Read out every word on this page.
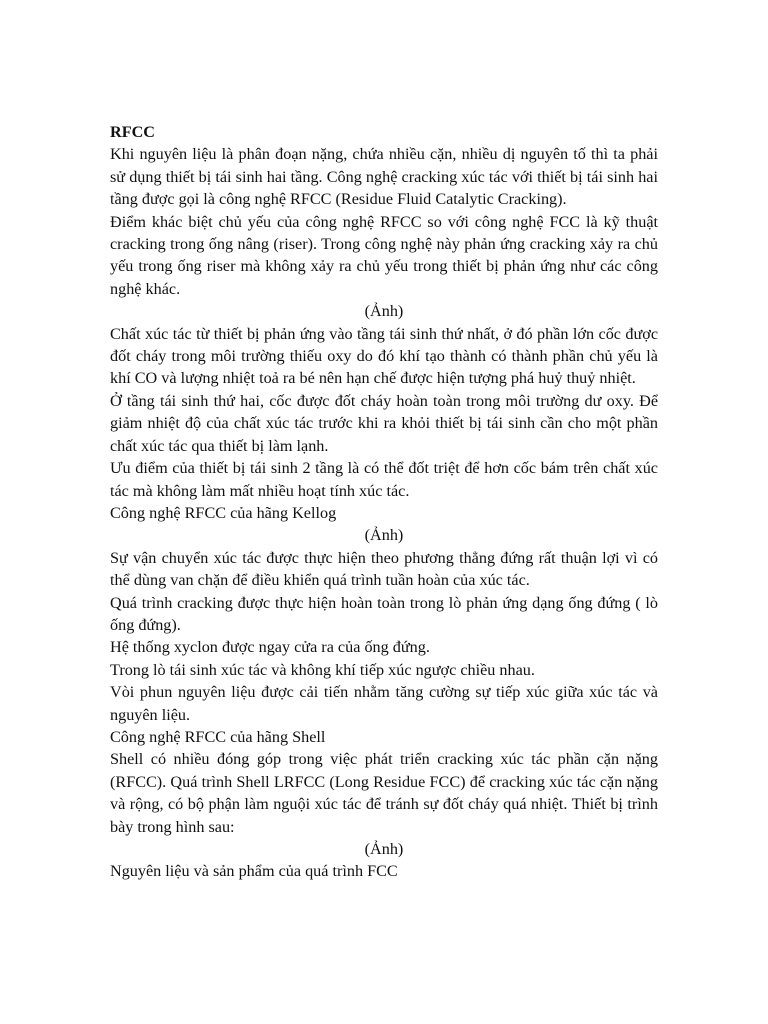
RFCC

Khi nguyên liệu là phân đoạn nặng, chứa nhiều cặn, nhiều dị nguyên tố thì ta phải sử dụng thiết bị tái sinh hai tầng. Công nghệ cracking xúc tác với thiết bị tái sinh hai tầng được gọi là công nghệ RFCC (Residue Fluid Catalytic Cracking).

Điểm khác biệt chủ yếu của công nghệ RFCC so với công nghệ FCC là kỹ thuật cracking trong ống nâng (riser). Trong công nghệ này phản ứng cracking xảy ra chủ yếu trong ống riser mà không xảy ra chủ yếu trong thiết bị phản ứng như các công nghệ khác.

(Ảnh)

Chất xúc tác từ thiết bị phản ứng vào tầng tái sinh thứ nhất, ở đó phần lớn cốc được đốt cháy trong môi trường thiếu oxy do đó khí tạo thành có thành phần chủ yếu là khí CO và lượng nhiệt toả ra bé nên hạn chế được hiện tượng phá huỷ thuỷ nhiệt.

Ở tầng tái sinh thứ hai, cốc được đốt cháy hoàn toàn trong môi trường dư oxy. Để giảm nhiệt độ của chất xúc tác trước khi ra khỏi thiết bị tái sinh cần cho một phần chất xúc tác qua thiết bị làm lạnh.

Ưu điểm của thiết bị tái sinh 2 tầng là có thể đốt triệt để hơn cốc bám trên chất xúc tác mà không làm mất nhiều hoạt tính xúc tác.

Công nghệ RFCC của hãng Kellog

(Ảnh)

Sự vận chuyển xúc tác được thực hiện theo phương thẳng đứng rất thuận lợi vì có thể dùng van chặn để điều khiển quá trình tuần hoàn của xúc tác.

Quá trình cracking được thực hiện hoàn toàn trong lò phản ứng dạng ống đứng ( lò ống đứng).

Hệ thống xyclon được ngay cửa ra của ống đứng.

Trong lò tái sinh xúc tác và không khí tiếp xúc ngược chiều nhau.

Vòi phun nguyên liệu được cải tiến nhằm tăng cường sự tiếp xúc giữa xúc tác và nguyên liệu.

Công nghệ RFCC của hãng Shell

Shell có nhiều đóng góp trong việc phát triển cracking xúc tác phần cặn nặng (RFCC). Quá trình Shell LRFCC (Long Residue FCC) để cracking xúc tác cặn nặng và rộng, có bộ phận làm nguội xúc tác để tránh sự đốt cháy quá nhiệt. Thiết bị trình bày trong hình sau:

(Ảnh)

Nguyên liệu và sản phẩm của quá trình FCC
